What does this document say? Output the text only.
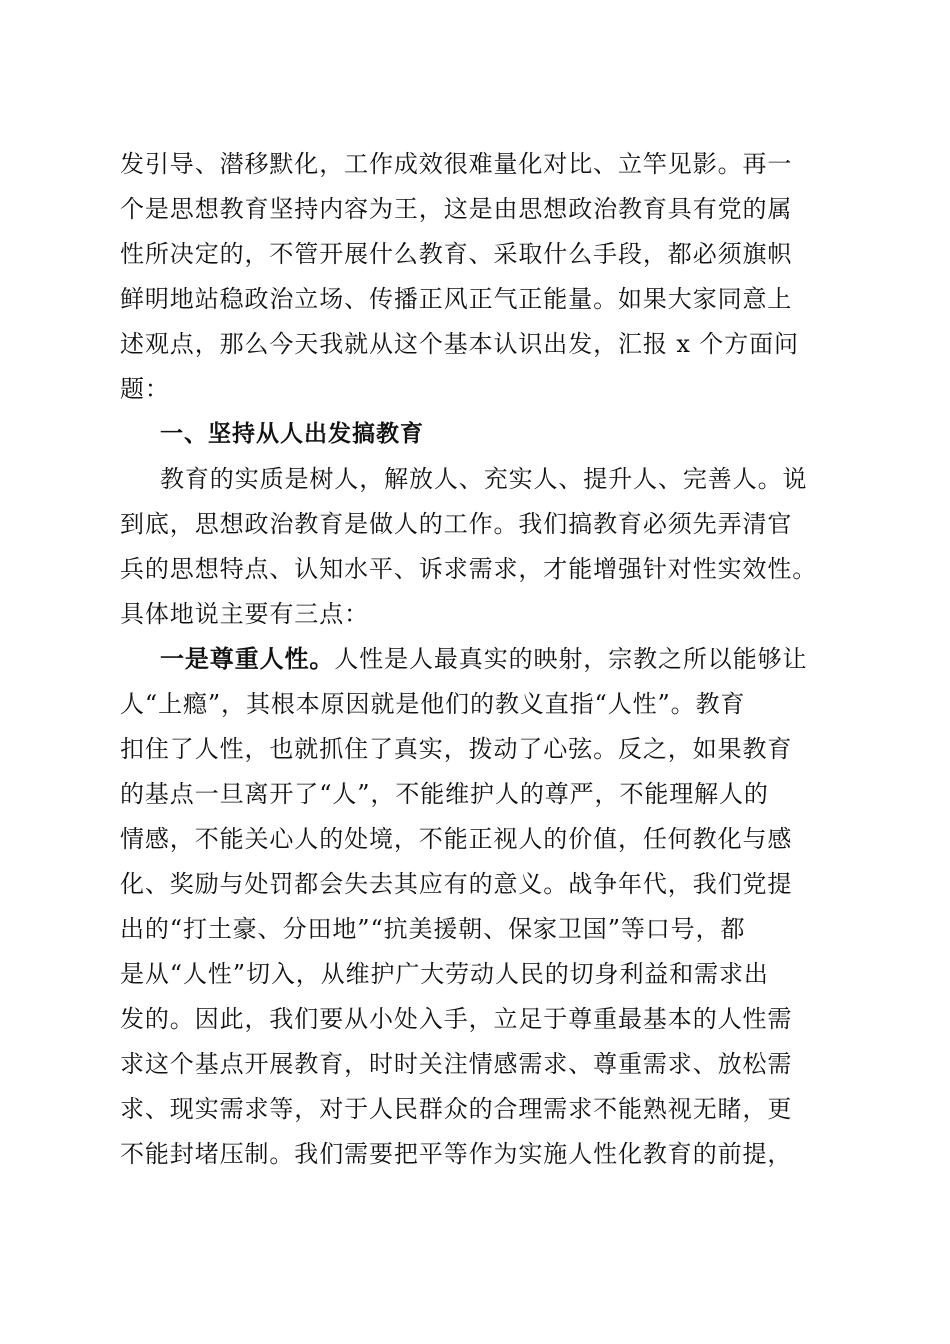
发引导、潜移默化，工作成效很难量化对比、立竿见影。再一
个是思想教育坚持内容为王，这是由思想政治教育具有党的属
性所决定的，不管开展什么教育、采取什么手段，都必须旗帜
鲜明地站稳政治立场、传播正风正气正能量。如果大家同意上
述观点，那么今天我就从这个基本认识出发，汇报 x 个方面问
题：
一、坚持从人出发搞教育
教育的实质是树人，解放人、充实人、提升人、完善人。说
到底，思想政治教育是做人的工作。我们搞教育必须先弄清官
兵的思想特点、认知水平、诉求需求，才能增强针对性实效性。
具体地说主要有三点：
一是尊重人性。人性是人最真实的映射，宗教之所以能够让
人“上瘾”，其根本原因就是他们的教义直指“人性”。教育
扣住了人性，也就抓住了真实，拨动了心弦。反之，如果教育
的基点一旦离开了“人”，不能维护人的尊严，不能理解人的
情感，不能关心人的处境，不能正视人的价值，任何教化与感
化、奖励与处罚都会失去其应有的意义。战争年代，我们党提
出的“打土豪、分田地”“抗美援朝、保家卫国”等口号，都
是从“人性”切入，从维护广大劳动人民的切身利益和需求出
发的。因此，我们要从小处入手，立足于尊重最基本的人性需
求这个基点开展教育，时时关注情感需求、尊重需求、放松需
求、现实需求等，对于人民群众的合理需求不能熟视无睹，更
不能封堵压制。我们需要把平等作为实施人性化教育的前提，
